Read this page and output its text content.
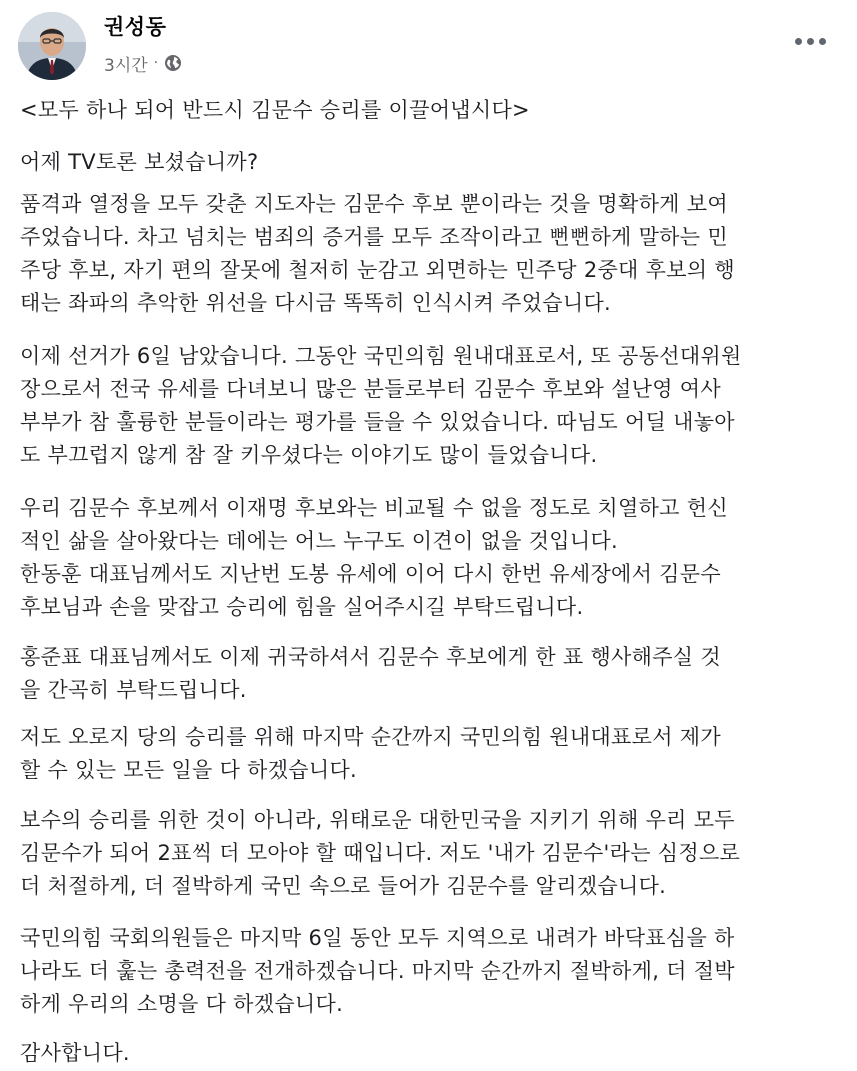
권성동
3시간 ·
<모두 하나 되어 반드시 김문수 승리를 이끌어냅시다>
어제 TV토론 보셨습니까?
품격과 열정을 모두 갖춘 지도자는 김문수 후보 뿐이라는 것을 명확하게 보여
주었습니다. 차고 넘치는 범죄의 증거를 모두 조작이라고 뻔뻔하게 말하는 민
주당 후보, 자기 편의 잘못에 철저히 눈감고 외면하는 민주당 2중대 후보의 행
태는 좌파의 추악한 위선을 다시금 똑똑히 인식시켜 주었습니다.
이제 선거가 6일 남았습니다. 그동안 국민의힘 원내대표로서, 또 공동선대위원
장으로서 전국 유세를 다녀보니 많은 분들로부터 김문수 후보와 설난영 여사
부부가 참 훌륭한 분들이라는 평가를 들을 수 있었습니다. 따님도 어딜 내놓아
도 부끄럽지 않게 참 잘 키우셨다는 이야기도 많이 들었습니다.
우리 김문수 후보께서 이재명 후보와는 비교될 수 없을 정도로 치열하고 헌신
적인 삶을 살아왔다는 데에는 어느 누구도 이견이 없을 것입니다.
한동훈 대표님께서도 지난번 도봉 유세에 이어 다시 한번 유세장에서 김문수
후보님과 손을 맞잡고 승리에 힘을 실어주시길 부탁드립니다.
홍준표 대표님께서도 이제 귀국하셔서 김문수 후보에게 한 표 행사해주실 것
을 간곡히 부탁드립니다.
저도 오로지 당의 승리를 위해 마지막 순간까지 국민의힘 원내대표로서 제가
할 수 있는 모든 일을 다 하겠습니다.
보수의 승리를 위한 것이 아니라, 위태로운 대한민국을 지키기 위해 우리 모두
김문수가 되어 2표씩 더 모아야 할 때입니다. 저도 '내가 김문수'라는 심정으로
더 처절하게, 더 절박하게 국민 속으로 들어가 김문수를 알리겠습니다.
국민의힘 국회의원들은 마지막 6일 동안 모두 지역으로 내려가 바닥표심을 하
나라도 더 훑는 총력전을 전개하겠습니다. 마지막 순간까지 절박하게, 더 절박
하게 우리의 소명을 다 하겠습니다.
감사합니다.
